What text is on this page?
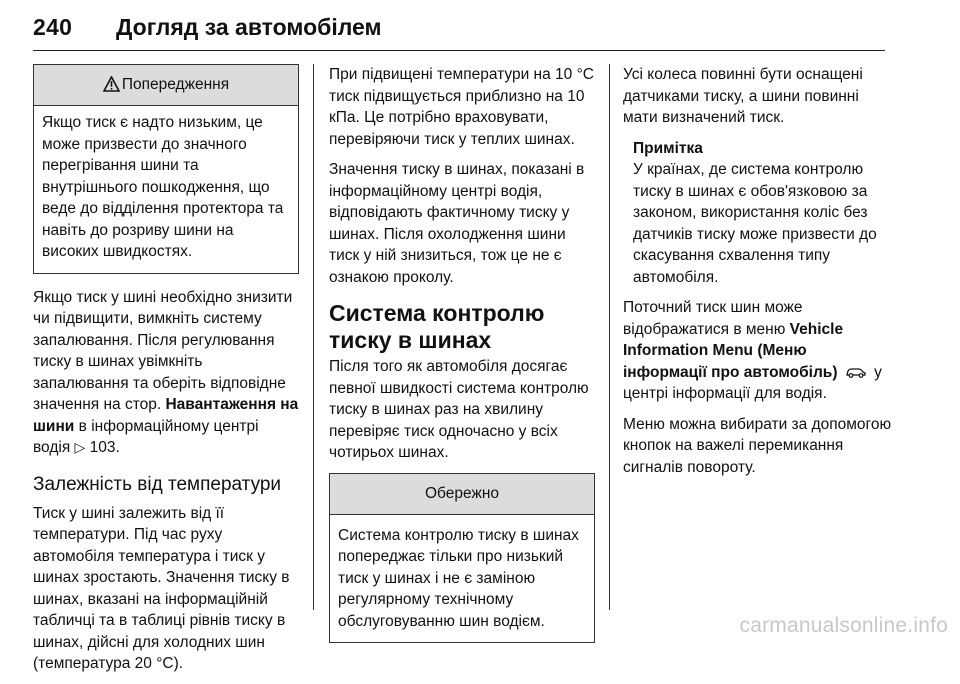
240 Догляд за автомобілем
Попередження
Якщо тиск є надто низьким, це може призвести до значного перегрівання шини та внутрішнього пошкодження, що веде до відділення протектора та навіть до розриву шини на високих швидкостях.

Якщо тиск у шині необхідно знизити чи підвищити, вимкніть систему запалювання. Після регулювання тиску в шинах увімкніть запалювання та оберіть відповідне значення на стор. Навантаження на шини в інформаційному центрі водія ▷ 103.

Залежність від температури

Тиск у шині залежить від її температури. Під час руху автомобіля температура і тиск у шинах зростають. Значення тиску в шинах, вказані на інформаційній табличці та в таблиці рівнів тиску в шинах, дійсні для холодних шин (температура 20 °C).

При підвищені температури на 10 °C тиск підвищується приблизно на 10 кПа. Це потрібно враховувати, перевіряючи тиск у теплих шинах.

Значення тиску в шинах, показані в інформаційному центрі водія, відповідають фактичному тиску у шинах. Після охолодження шини тиск у ній знизиться, тож це не є ознакою проколу.

Система контролю тиску в шинах

Після того як автомобіля досягає певної швидкості система контролю тиску в шинах раз на хвилину перевіряє тиск одночасно у всіх чотирьох шинах.

Обережно
Система контролю тиску в шинах попереджає тільки про низький тиск у шинах і не є заміною регулярному технічному обслуговуванню шин водієм.

Усі колеса повинні бути оснащені датчиками тиску, а шини повинні мати визначений тиск.

Примітка
У країнах, де система контролю тиску в шинах є обов'язковою за законом, використання коліс без датчиків тиску може призвести до скасування схвалення типу автомобіля.

Поточний тиск шин може відображатися в меню Vehicle Information Menu (Меню інформації про автомобіль) у центрі інформації для водія.

Меню можна вибирати за допомогою кнопок на важелі перемикання сигналів повороту.

carmanualsonline.info
